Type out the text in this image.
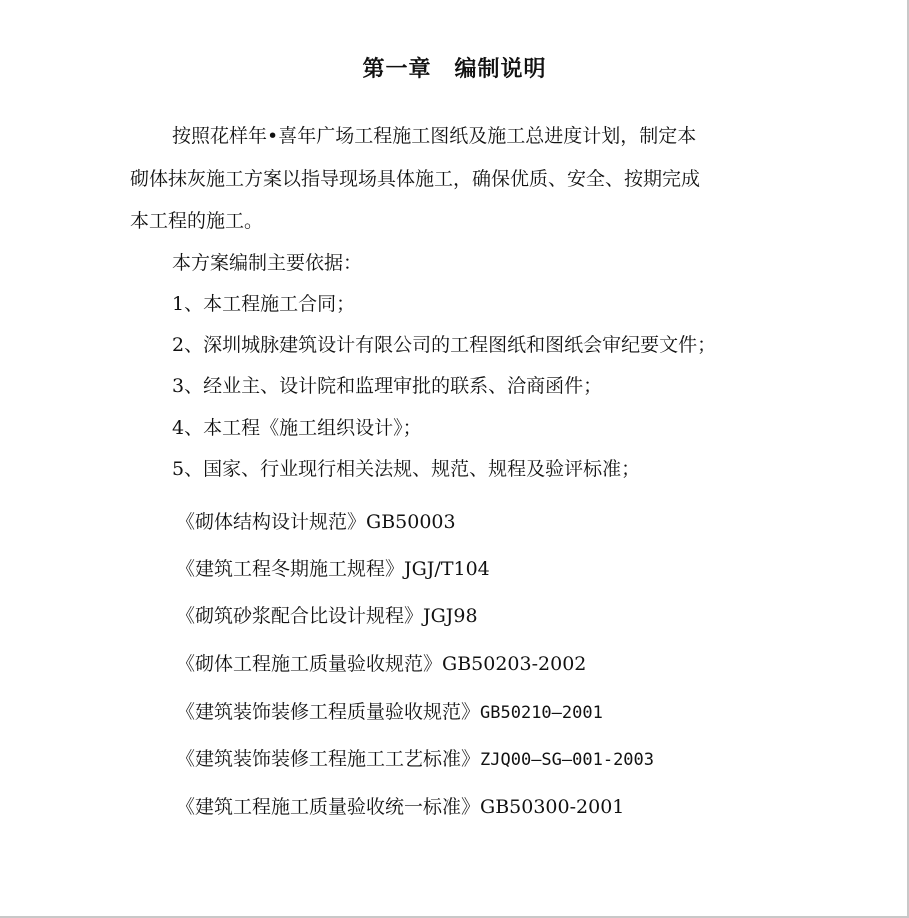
第一章　编制说明
按照花样年•喜年广场工程施工图纸及施工总进度计划，制定本
砌体抹灰施工方案以指导现场具体施工，确保优质、安全、按期完成
本工程的施工。
本方案编制主要依据：
1、本工程施工合同；
2、深圳城脉建筑设计有限公司的工程图纸和图纸会审纪要文件；
3、经业主、设计院和监理审批的联系、洽商函件；
4、本工程《施工组织设计》；
5、国家、行业现行相关法规、规范、规程及验评标准；
《砌体结构设计规范》GB50003
《建筑工程冬期施工规程》JGJ/T104
《砌筑砂浆配合比设计规程》JGJ98
《砌体工程施工质量验收规范》GB50203-2002
《建筑装饰装修工程质量验收规范》GB50210—2001
《建筑装饰装修工程施工工艺标准》ZJQ00—SG—001-2003
《建筑工程施工质量验收统一标准》GB50300-2001
